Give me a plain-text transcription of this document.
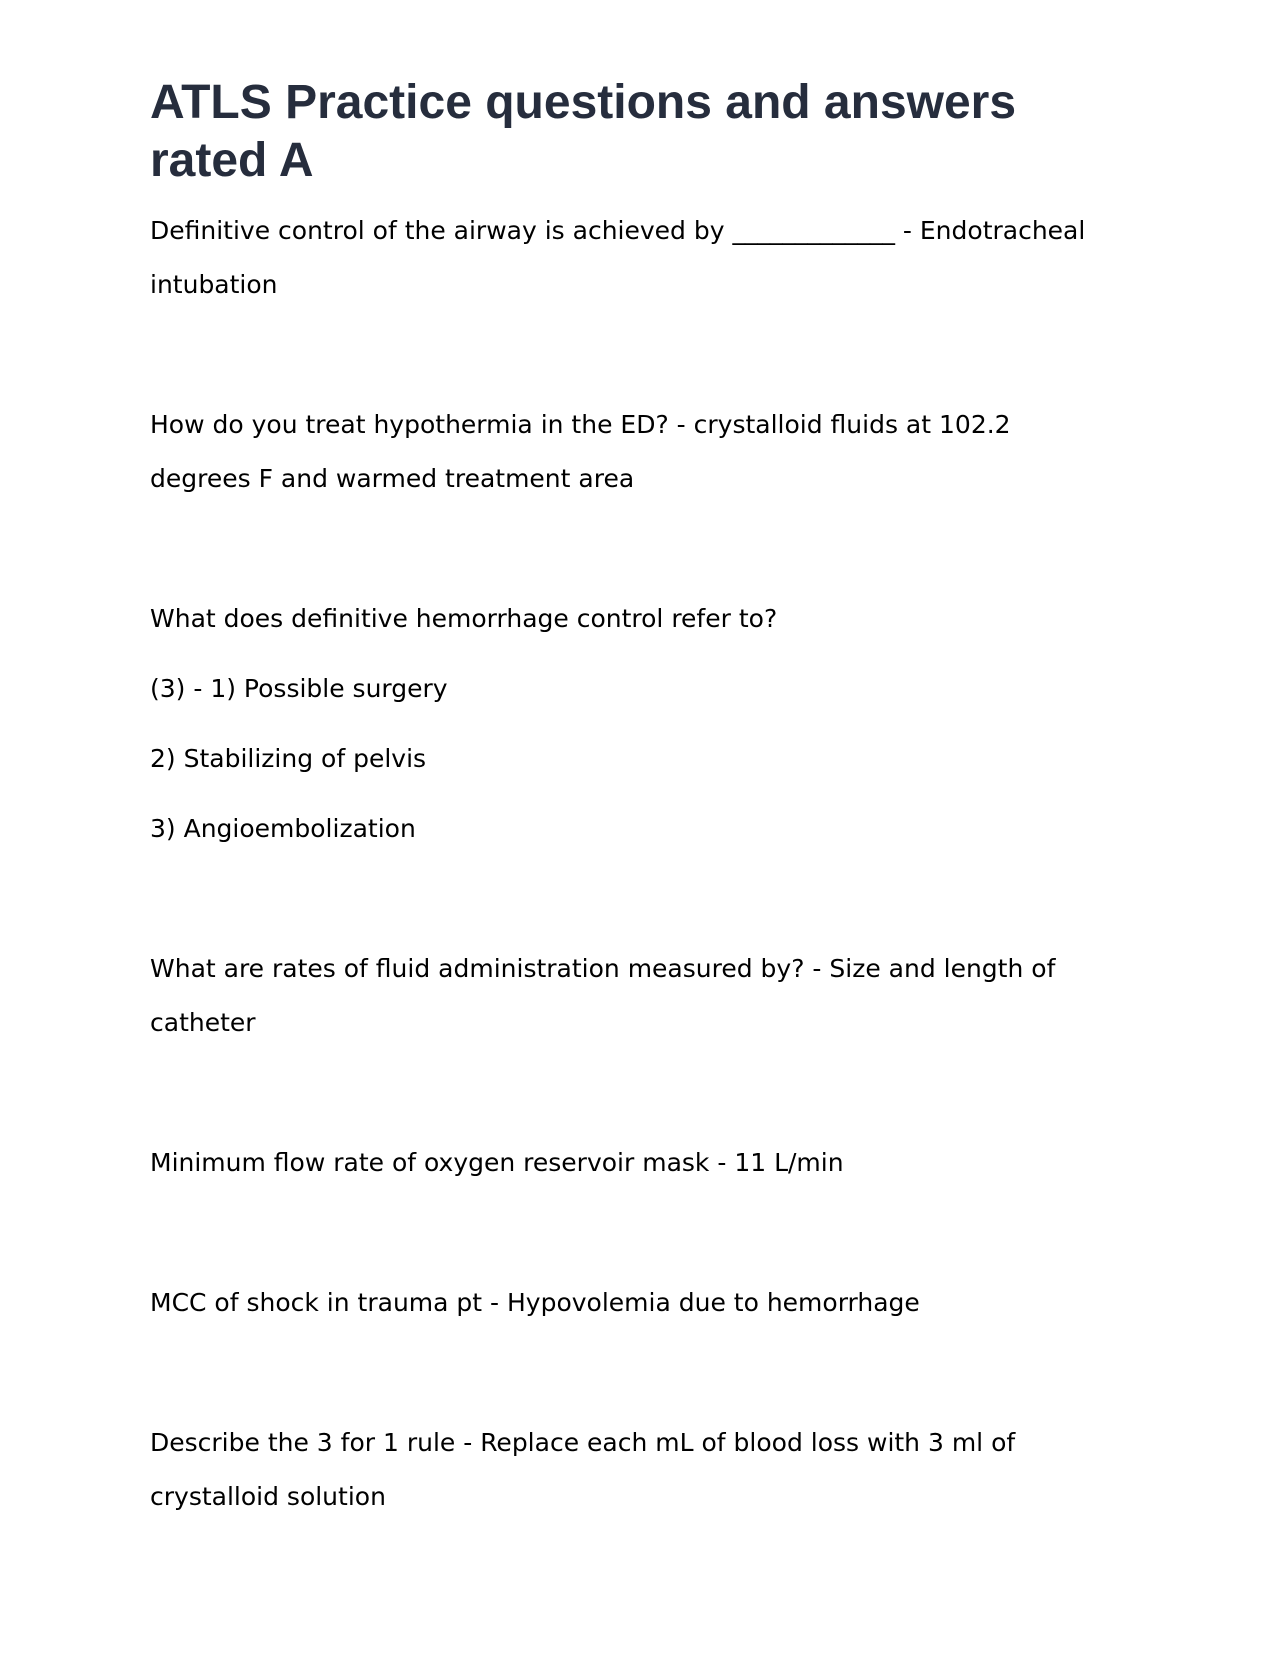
ATLS Practice questions and answers rated A

Definitive control of the airway is achieved by _____________ - Endotracheal intubation

How do you treat hypothermia in the ED? - crystalloid fluids at 102.2 degrees F and warmed treatment area

What does definitive hemorrhage control refer to?

(3) - 1) Possible surgery

2) Stabilizing of pelvis

3) Angioembolization

What are rates of fluid administration measured by? - Size and length of catheter

Minimum flow rate of oxygen reservoir mask - 11 L/min

MCC of shock in trauma pt - Hypovolemia due to hemorrhage

Describe the 3 for 1 rule - Replace each mL of blood loss with 3 ml of crystalloid solution
